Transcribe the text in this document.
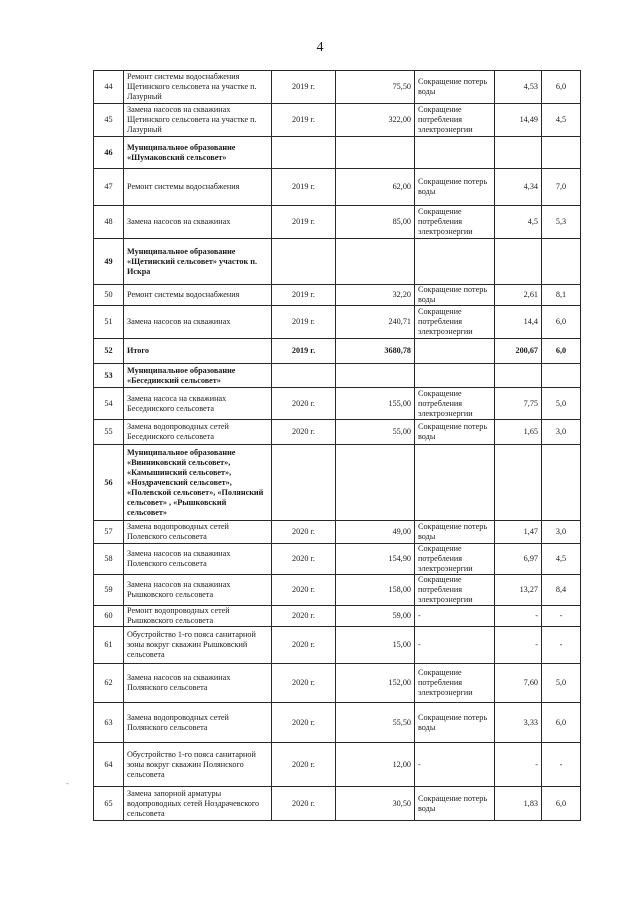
4
-
44	Ремонт системы водоснабжения Щетинского сельсовета на участке п. Лазурный	2019 г.	75,50	Сокращение потерь воды	4,53	6,0
45	Замена насосов на скважинах Щетинского сельсовета на участке п. Лазурный	2019 г.	322,00	Сокращение потребления электроэнергии	14,49	4,5
46	Муниципальное образование «Шумаковский сельсовет»					
47	Ремонт системы водоснабжения	2019 г.	62,00	Сокращение потерь воды	4,34	7,0
48	Замена насосов на скважинах	2019 г.	85,00	Сокращение потребления электроэнергии	4,5	5,3
49	Муниципальное образование «Щетинский сельсовет» участок п. Искра					
50	Ремонт системы водоснабжения	2019 г.	32,20	Сокращение потерь воды	2,61	8,1
51	Замена насосов на скважинах	2019 г.	240,71	Сокращение потребления электроэнергии	14,4	6,0
52	Итого	2019 г.	3680,78		200,67	6,0
53	Муниципальное образование «Беседииский сельсовет»					
54	Замена насоса на скважинах Беседииского сельсовета	2020 г.	155,00	Сокращение потребления электроэнергии	7,75	5,0
55	Замена водопроводных сетей Беседииского сельсовета	2020 г.	55,00	Сокращение потерь воды	1,65	3,0
56	Муниципальное образование «Винниковский сельсовет», «Камышинский сельсовет», «Ноздрачевский сельсовет», «Полевской сельсовет», «Полянский сельсовет» , «Рышковский сельсовет»					
57	Замена водопроводных сетей Полевского сельсовета	2020 г.	49,00	Сокращение потерь воды	1,47	3,0
58	Замена насосов на скважинах Полевского сельсовета	2020 г.	154,90	Сокращение потребления электроэнергии	6,97	4,5
59	Замена насосов на скважинах Рышковского сельсовета	2020 г.	158,00	Сокращение потребления электроэнергии	13,27	8,4
60	Ремонт водопроводных сетей Рышковского сельсовета	2020 г.	59,00	-	-	-
61	Обустройство 1-го пояса санитарной зоны вокруг скважин Рышковский сельсовета	2020 г.	15,00	-	-	-
62	Замена насосов на скважинах Полянского сельсовета	2020 г.	152,00	Сокращение потребления электроэнергии	7,60	5,0
63	Замена водопроводных сетей Полянского сельсовета	2020 г.	55,50	Сокращение потерь воды	3,33	6,0
64	Обустройство 1-го пояса санитарной зоны вокруг скважин Полянского сельсовета	2020 г.	12,00	-	-	-
65	Замена запорной арматуры водопроводных сетей Ноздрачевского сельсовета	2020 г.	30,50	Сокращение потерь воды	1,83	6,0
